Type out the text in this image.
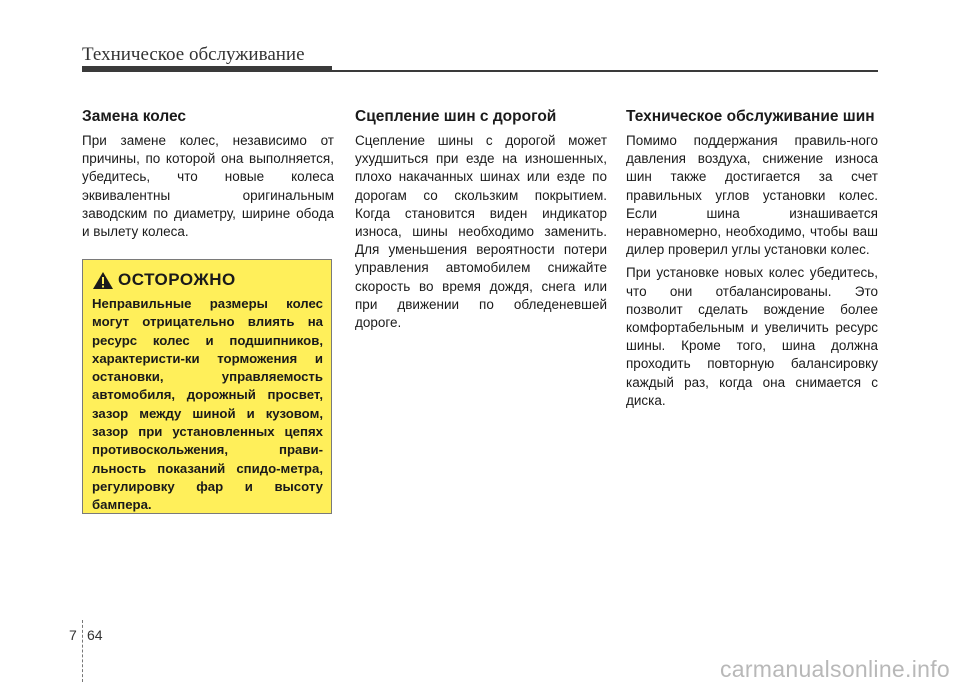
Техническое обслуживание
Замена колес

При замене колес, независимо от причины, по которой она выполняется, убедитесь, что новые колеса эквивалентны оригинальным заводским по диаметру, ширине обода и вылету колеса.

ОСТОРОЖНО

Неправильные размеры колес могут отрицательно влиять на ресурс колес и подшипников, характеристи-ки торможения и остановки, управляемость автомобиля, дорожный просвет, зазор между шиной и кузовом, зазор при установленных цепях противоскольжения, прави-льность показаний спидо-метра, регулировку фар и высоту бампера.

Сцепление шин с дорогой

Сцепление шины с дорогой может ухудшиться при езде на изношенных, плохо накачанных шинах или езде по дорогам со скользким покрытием. Когда становится виден индикатор износа, шины необходимо заменить. Для уменьшения вероятности потери управления автомобилем снижайте скорость во время дождя, снега или при движении по обледеневшей дороге.

Техническое обслуживание шин

Помимо поддержания правиль-ного давления воздуха, снижение износа шин также достигается за счет правильных углов установки колес. Если шина изнашивается неравномерно, необходимо, чтобы ваш дилер проверил углы установки колес.

При установке новых колес убедитесь, что они отбалансированы. Это позволит сделать вождение более комфортабельным и увеличить ресурс шины. Кроме того, шина должна проходить повторную балансировку каждый раз, когда она снимается с диска.

7 64
carmanualsonline.info
